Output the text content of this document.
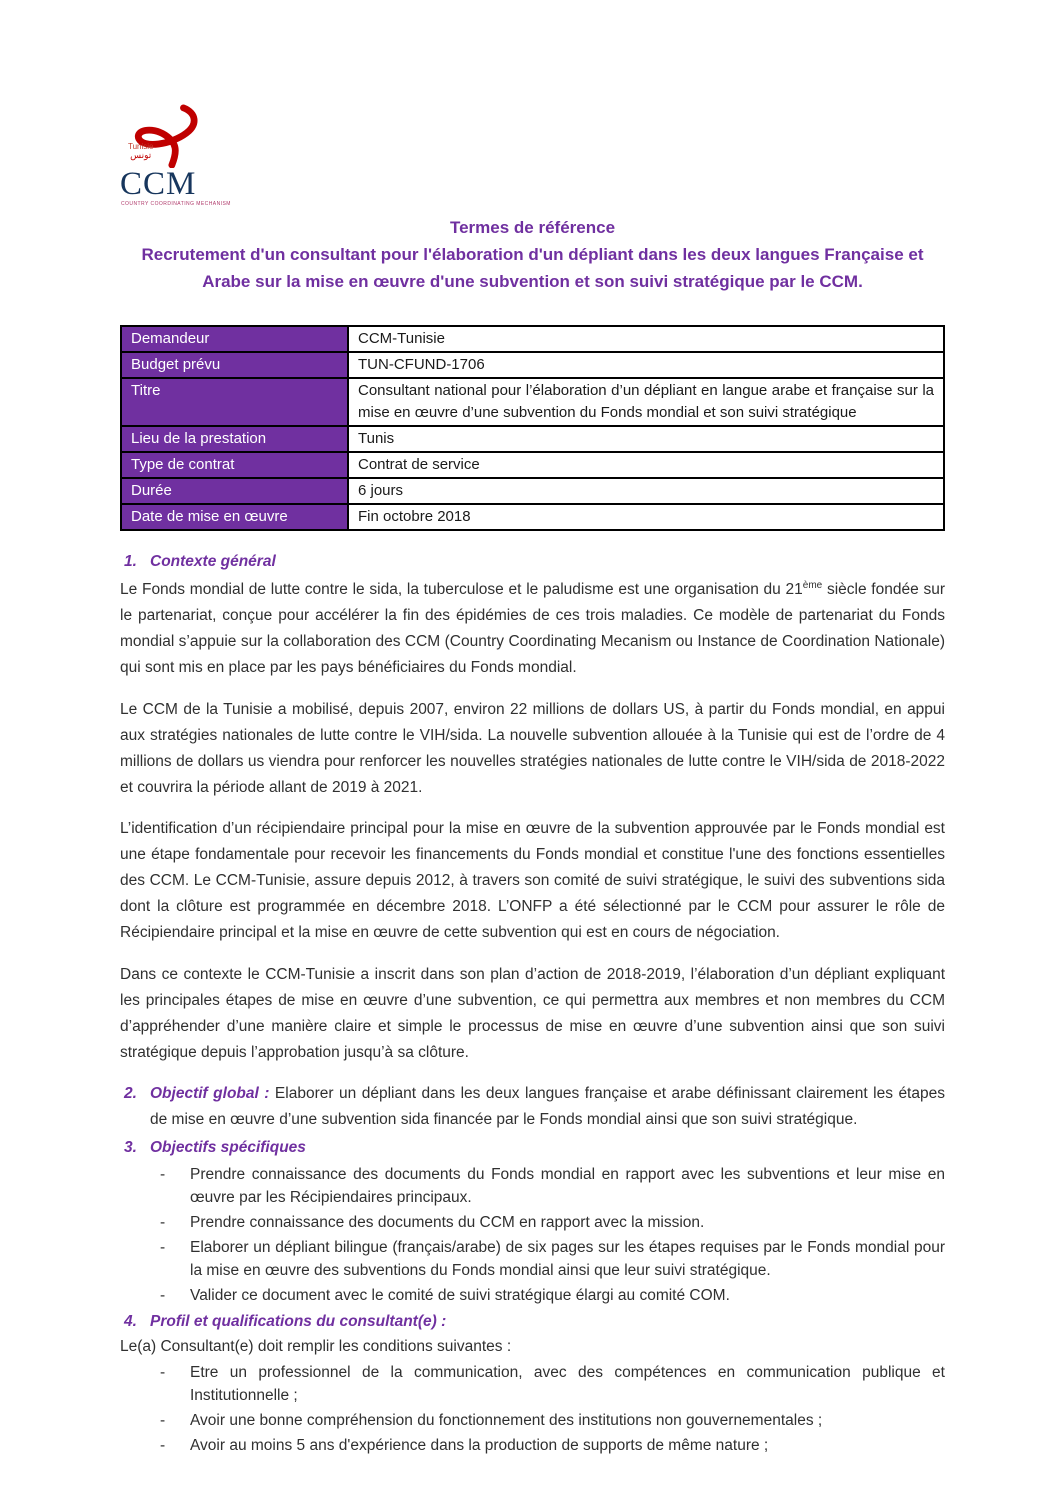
Tunisie
تونس
CCM
COUNTRY COORDINATING MECHANISM
Termes de référence
Recrutement d'un consultant pour l'élaboration d'un dépliant dans les deux langues Française et Arabe sur la mise en œuvre d'une subvention et son suivi stratégique par le CCM.
Demandeur	CCM-Tunisie
Budget prévu	TUN-CFUND-1706
Titre	Consultant national pour l’élaboration d’un dépliant en langue arabe et française sur la mise en œuvre d’une subvention du Fonds mondial et son suivi stratégique
Lieu de la prestation	Tunis
Type de contrat	Contrat de service
Durée	6 jours
Date de mise en œuvre	Fin octobre 2018
1. Contexte général

Le Fonds mondial de lutte contre le sida, la tuberculose et le paludisme est une organisation du 21ème siècle fondée sur le partenariat, conçue pour accélérer la fin des épidémies de ces trois maladies. Ce modèle de partenariat du Fonds mondial s’appuie sur la collaboration des CCM (Country Coordinating Mecanism ou Instance de Coordination Nationale) qui sont mis en place par les pays bénéficiaires du Fonds mondial.

Le CCM de la Tunisie a mobilisé, depuis 2007, environ 22 millions de dollars US, à partir du Fonds mondial, en appui aux stratégies nationales de lutte contre le VIH/sida. La nouvelle subvention allouée à la Tunisie qui est de l’ordre de 4 millions de dollars us viendra pour renforcer les nouvelles stratégies nationales de lutte contre le VIH/sida de 2018-2022 et couvrira la période allant de 2019 à 2021.

L’identification d’un récipiendaire principal pour la mise en œuvre de la subvention approuvée par le Fonds mondial est une étape fondamentale pour recevoir les financements du Fonds mondial et constitue l'une des fonctions essentielles des CCM. Le CCM-Tunisie, assure depuis 2012, à travers son comité de suivi stratégique, le suivi des subventions sida dont la clôture est programmée en décembre 2018. L’ONFP a été sélectionné par le CCM pour assurer le rôle de Récipiendaire principal et la mise en œuvre de cette subvention qui est en cours de négociation.

Dans ce contexte le CCM-Tunisie a inscrit dans son plan d’action de 2018-2019, l’élaboration d’un dépliant expliquant les principales étapes de mise en œuvre d’une subvention, ce qui permettra aux membres et non membres du CCM d’appréhender d’une manière claire et simple le processus de mise en œuvre d’une subvention ainsi que son suivi stratégique depuis l’approbation jusqu’à sa clôture.

2. Objectif global : Elaborer un dépliant dans les deux langues française et arabe définissant clairement les étapes de mise en œuvre d’une subvention sida financée par le Fonds mondial ainsi que son suivi stratégique.
3. Objectifs spécifiques
- Prendre connaissance des documents du Fonds mondial en rapport avec les subventions et leur mise en œuvre par les Récipiendaires principaux.
- Prendre connaissance des documents du CCM en rapport avec la mission.
- Elaborer un dépliant bilingue (français/arabe) de six pages sur les étapes requises par le Fonds mondial pour la mise en œuvre des subventions du Fonds mondial ainsi que leur suivi stratégique.
- Valider ce document avec le comité de suivi stratégique élargi au comité COM.
4. Profil et qualifications du consultant(e) :
Le(a) Consultant(e) doit remplir les conditions suivantes :
- Etre un professionnel de la communication, avec des compétences en communication publique et Institutionnelle ;
- Avoir une bonne compréhension du fonctionnement des institutions non gouvernementales ;
- Avoir au moins 5 ans d'expérience dans la production de supports de même nature ;
